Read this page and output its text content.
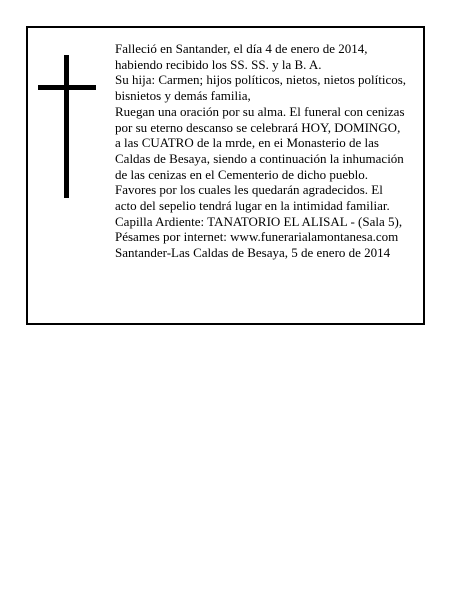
Falleció en Santander, el día 4 de enero de 2014,
habiendo recibido los SS. SS. y la B. A.
Su hija: Carmen; hijos políticos, nietos, nietos políticos,
bisnietos y demás familia,
Ruegan una oración por su alma. El funeral con cenizas
por su eterno descanso se celebrará HOY, DOMINGO,
a las CUATRO de la mrde, en ei Monasterio de las
Caldas de Besaya, siendo a continuación la inhumación
de las cenizas en el Cementerio de dicho pueblo.
Favores por los cuales les quedarán agradecidos. El
acto del sepelio tendrá lugar en la intimidad familiar.
Capilla Ardiente: TANATORIO EL ALISAL - (Sala 5),
Pésames por internet: www.funerarialamontanesa.com
Santander-Las Caldas de Besaya, 5 de enero de 2014
